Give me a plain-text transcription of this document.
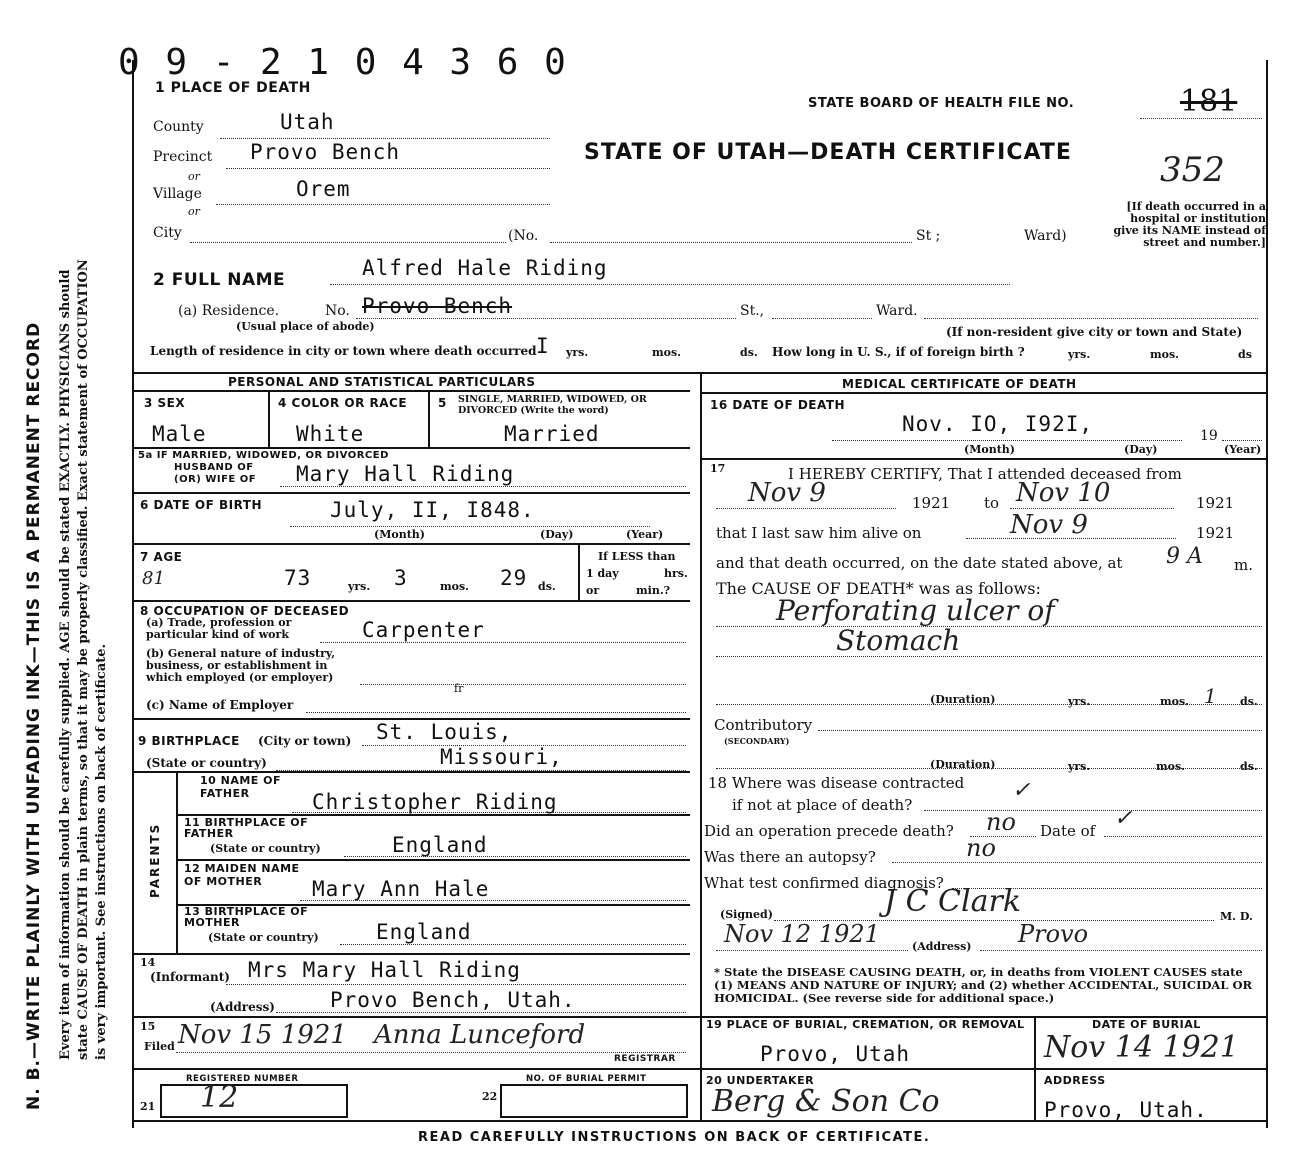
N. B.—WRITE PLAINLY WITH UNFADING INK—THIS IS A PERMANENT RECORD Every item of information should be carefully supplied. AGE should be stated EXACTLY. PHYSICIANS should state CAUSE OF DEATH in plain terms, so that it may be properly classified. Exact statement of OCCUPATION is very important. See instructions on back of certificate.
0 9 - 2 1 0 4 3 6 0
1 PLACE OF DEATH
STATE BOARD OF HEALTH FILE NO.	181
352
STATE OF UTAH—DEATH CERTIFICATE
County	Utah
Precinct Provo Bench
or
Village	Orem
or
City	(No.	St ;	Ward)
[If death occurred in a hospital or institution give its NAME instead of street and number.]
2 FULL NAME	Alfred Hale Riding
(a) Residence.	No. Provo Bench	St.,	Ward.
(Usual place of abode)	(If non-resident give city or town and State)
Length of residence in city or town where death occurred I yrs.	mos.	ds. How long in U. S., if of foreign birth ?	yrs.	mos.	ds
PERSONAL AND STATISTICAL PARTICULARS
3 SEX	4 COLOR OR RACE	5 SINGLE, MARRIED, WIDOWED, OR DIVORCED (Write the word)
Male	White	Married
5a IF MARRIED, WIDOWED, OR DIVORCED
HUSBAND OF
(OR) WIFE OF Mary Hall Riding
6 DATE OF BIRTH	July, II, I848.
(Month)	(Day)	(Year)
7 AGE
81	73	yrs. 3	mos. 29 ds.
If LESS than
1 day	hrs.
or	min.?
8 OCCUPATION OF DECEASED
(a) Trade, profession or particular kind of work	Carpenter
(b) General nature of industry, business, or establishment in which employed (or employer)
fr
(c) Name of Employer
9 BIRTHPLACE (City or town) St. Louis,
(State or country)	Missouri,
PARENTS
10 NAME OF FATHER	Christopher Riding
11 BIRTHPLACE OF FATHER
(State or country)	England
12 MAIDEN NAME OF MOTHER	Mary Ann Hale
13 BIRTHPLACE OF MOTHER
(State or country)	England
14
(Informant) Mrs Mary Hall Riding
(Address)	Provo Bench, Utah.
15
Filed Nov 15 1921 Anna Lunceford
REGISTRAR
REGISTERED NUMBER
21 12
NO. OF BURIAL PERMIT
22
MEDICAL CERTIFICATE OF DEATH
16 DATE OF DEATH
Nov. IO, I92I,	19
(Month)	(Day)	(Year)
17	I HEREBY CERTIFY, That I attended deceased from
Nov 9	1921 to Nov 10	1921
that I last saw him alive on	Nov 9	1921
and that death occurred, on the date stated above, at 9 A m.
The CAUSE OF DEATH* was as follows:
Perforating ulcer of
Stomach
(Duration)	yrs.	mos. 1 ds.
Contributory
(SECONDARY)
(Duration)	yrs.	mos.	ds.
18 Where was disease contracted
if not at place of death?
✓
Did an operation precede death? no Date of ✓
Was there an autopsy?	no
What test confirmed diagnosis?
(Signed)	J C Clark	M. D.
Nov 12 1921	(Address) Provo
* State the DISEASE CAUSING DEATH, or, in deaths from VIOLENT CAUSES state (1) MEANS AND NATURE OF INJURY; and (2) whether ACCIDENTAL, SUICIDAL OR HOMICIDAL. (See reverse side for additional space.)
19 PLACE OF BURIAL, CREMATION, OR REMOVAL
Provo, Utah
DATE OF BURIAL
Nov 14 1921
20 UNDERTAKER
Berg & Son Co
ADDRESS
Provo, Utah.
READ CAREFULLY INSTRUCTIONS ON BACK OF CERTIFICATE.
